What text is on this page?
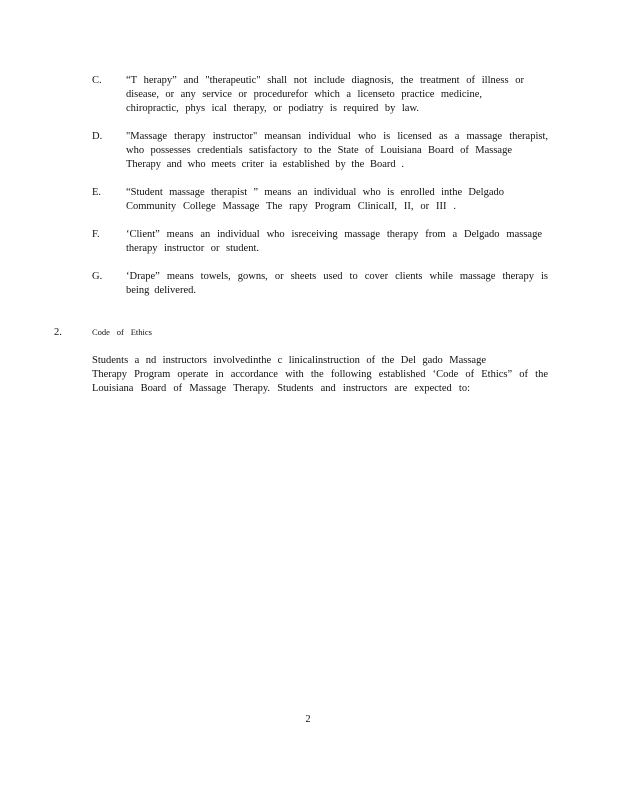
C. “T herapy” and "therapeutic" shall not include diagnosis, the treatment of illness or
disease, or any service or procedurefor which a licenseto practice medicine,
chiropractic, phys ical therapy, or podiatry is required by law.
D. "Massage therapy instructor" meansan individual who is licensed as a massage therapist,
who possesses credentials satisfactory to the State of Louisiana Board of Massage
Therapy and who meets criter ia established by the Board .
E. “Student massage therapist ” means an individual who is enrolled inthe Delgado
Community College Massage The rapy Program ClinicalI, II, or III .
F.	‘Client” means an individual who isreceiving massage therapy from a Delgado massage
therapy instructor or student.
G. ‘Drape” means towels, gowns, or sheets used to cover clients while massage therapy is
being delivered.
2.	Code of Ethics
Students a nd instructors involvedinthe c linicalinstruction of the Del gado Massage
Therapy Program operate in accordance with the following established ‘Code of Ethics” of the
Louisiana Board of Massage Therapy. Students and instructors are expected to:
2
